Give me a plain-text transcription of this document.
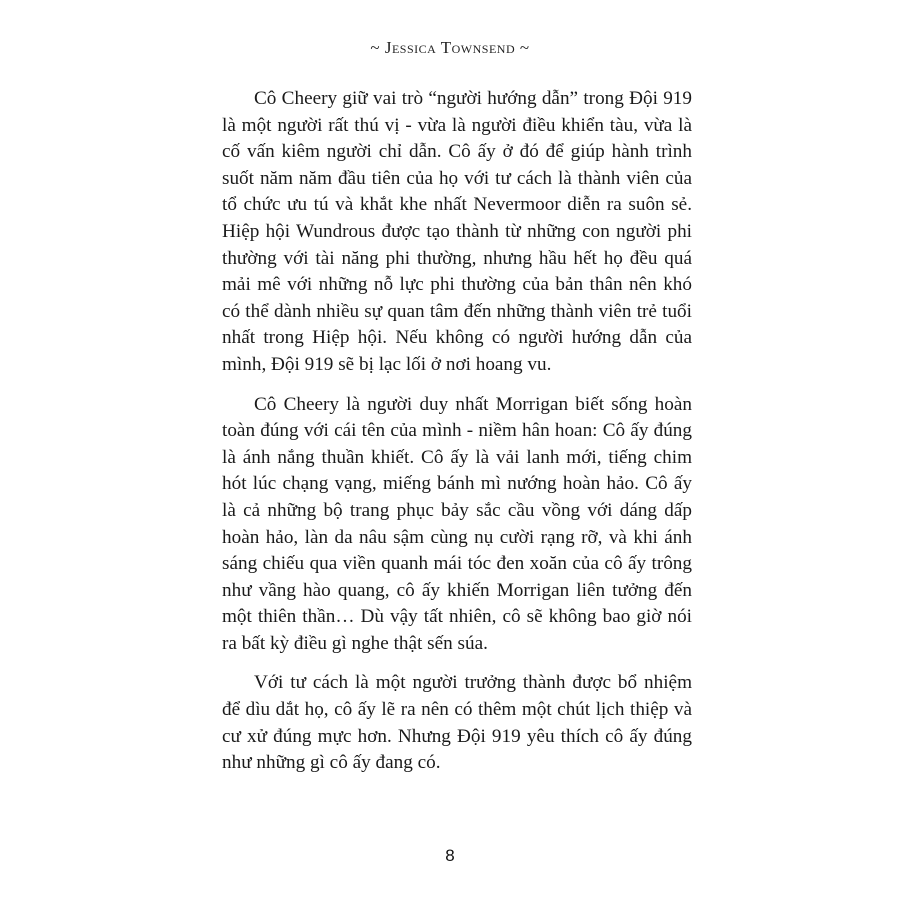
~ Jessica Townsend ~

Cô Cheery giữ vai trò “người hướng dẫn” trong Đội 919 là một người rất thú vị - vừa là người điều khiển tàu, vừa là cố vấn kiêm người chỉ dẫn. Cô ấy ở đó để giúp hành trình suốt năm năm đầu tiên của họ với tư cách là thành viên của tổ chức ưu tú và khắt khe nhất Nevermoor diễn ra suôn sẻ. Hiệp hội Wundrous được tạo thành từ những con người phi thường với tài năng phi thường, nhưng hầu hết họ đều quá mải mê với những nỗ lực phi thường của bản thân nên khó có thể dành nhiều sự quan tâm đến những thành viên trẻ tuổi nhất trong Hiệp hội. Nếu không có người hướng dẫn của mình, Đội 919 sẽ bị lạc lối ở nơi hoang vu.

Cô Cheery là người duy nhất Morrigan biết sống hoàn toàn đúng với cái tên của mình - niềm hân hoan: Cô ấy đúng là ánh nắng thuần khiết. Cô ấy là vải lanh mới, tiếng chim hót lúc chạng vạng, miếng bánh mì nướng hoàn hảo. Cô ấy là cả những bộ trang phục bảy sắc cầu vồng với dáng dấp hoàn hảo, làn da nâu sậm cùng nụ cười rạng rỡ, và khi ánh sáng chiếu qua viền quanh mái tóc đen xoăn của cô ấy trông như vầng hào quang, cô ấy khiến Morrigan liên tưởng đến một thiên thần… Dù vậy tất nhiên, cô sẽ không bao giờ nói ra bất kỳ điều gì nghe thật sến súa.

Với tư cách là một người trưởng thành được bổ nhiệm để dìu dắt họ, cô ấy lẽ ra nên có thêm một chút lịch thiệp và cư xử đúng mực hơn. Nhưng Đội 919 yêu thích cô ấy đúng như những gì cô ấy đang có.

8
